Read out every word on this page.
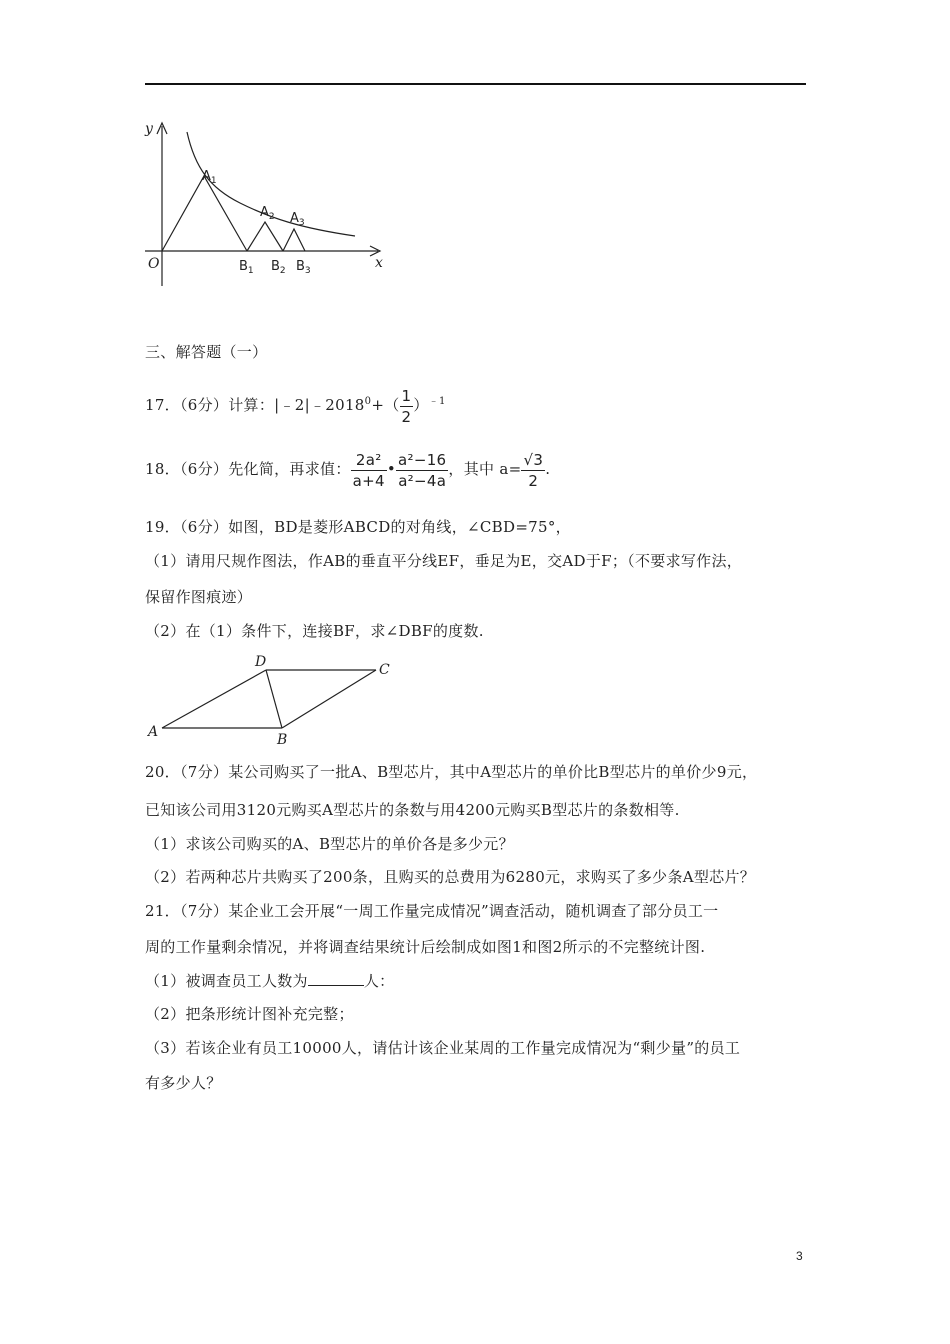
y
x
O
$A_1$
$A_2$ $A_3$
$B_1$ $B_2$ $B_3$
三、解答题（一）
17．（6分）计算：$|﹣2|﹣2018^0+( \frac{1}{2} )^{﹣1}$
18．（6分）先化简，再求值： $\frac{\text{2a²}}{a+4}$ • $\frac{\text{a²−16}}{\text{a²−4a}}$ ，其中 $a= \frac{√3}{2}$ .
19．（6分）如图，BD是菱形ABCD的对角线，∠CBD=75°，
（1）请用尺规作图法，作AB的垂直平分线EF，垂足为E，交AD于F；（不要求写作法，
保留作图痕迹）
（2）在（1）条件下，连接BF，求∠DBF的度数.
A	B
C
D
20．（7分）某公司购买了一批A、B型芯片，其中A型芯片的单价比B型芯片的单价少9元，
已知该公司用3120元购买A型芯片的条数与用4200元购买B型芯片的条数相等.
（1）求该公司购买的A、B型芯片的单价各是多少元？
（2）若两种芯片共购买了200条，且购买的总费用为6280元，求购买了多少条A型芯片？
21．（7分）某企业工会开展“一周工作量完成情况”调查活动，随机调查了部分员工一
周的工作量剩余情况，并将调查结果统计后绘制成如图1和图2所示的不完整统计图.
（1）被调查员工人数为	人：
（2）把条形统计图补充完整；
（3）若该企业有员工10000人，请估计该企业某周的工作量完成情况为“剩少量”的员工
有多少人？
3
